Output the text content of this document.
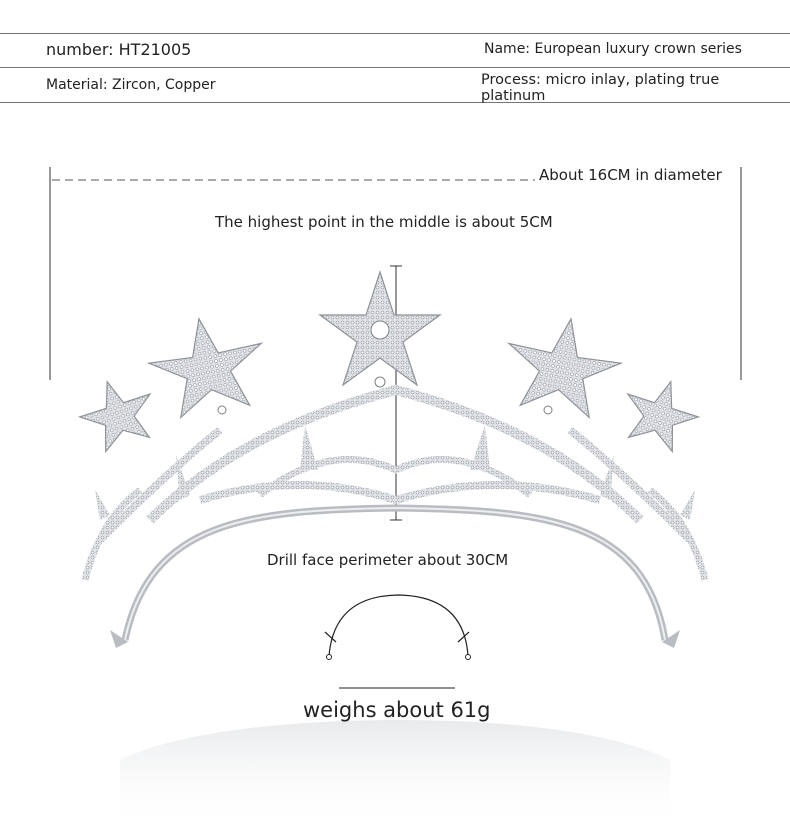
number: HT21005	Name: European luxury crown series
Material: Zircon, Copper	Process: micro inlay, plating true platinum
About 16CM in diameter
The highest point in the middle is about 5CM
Drill face perimeter about 30CM
weighs about 61g
